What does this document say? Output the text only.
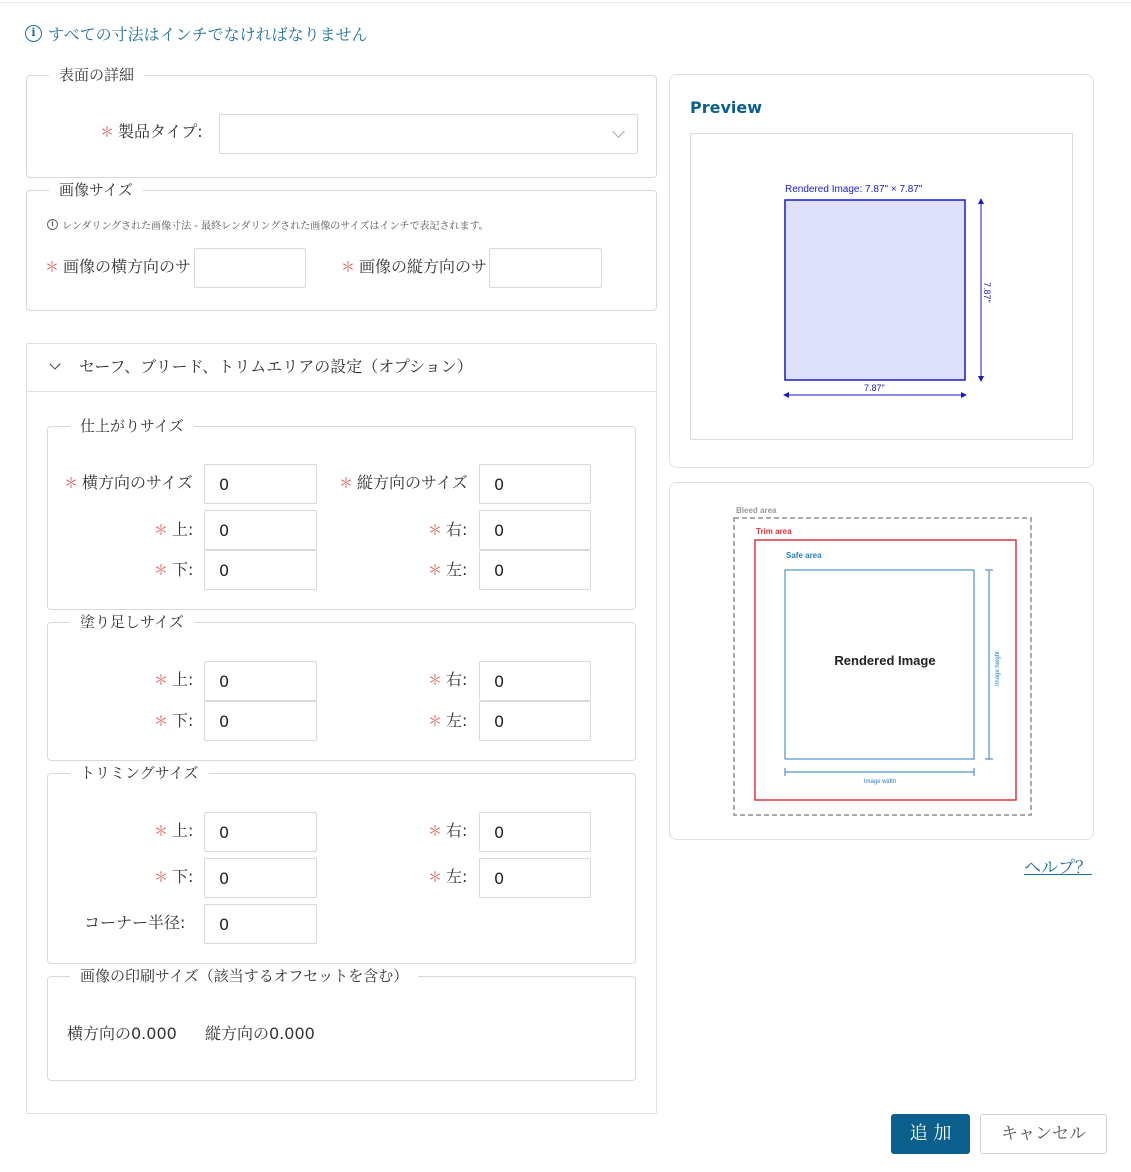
i すべての寸法はインチでなければなりません
表面の詳細
＊ 製品タイプ:
画像サイズ
i レンダリングされた画像寸法 - 最終レンダリングされた画像のサイズはインチで表記されます。
＊ 画像の横方向のサ	＊ 画像の縦方向のサ
セーフ、ブリード、トリムエリアの設定（オプション）
仕上がりサイズ
＊ 横方向のサイズ	0	＊ 縦方向のサイズ	0
＊ 上:	0	＊ 右:	0
＊ 下:	0	＊ 左:	0
塗り足しサイズ
＊ 上:	0	＊ 右:	0
＊ 下:	0	＊ 左:	0
トリミングサイズ
＊ 上:	0	＊ 右:	0
＊ 下:	0	＊ 左:	0
コーナー半径:	0
画像の印刷サイズ（該当するオフセットを含む）
横方向の0.000 縦方向の0.000
Preview
Rendered Image: 7.87" × 7.87"
7.87"
7.87"
Bleed area
Trim area
Safe area
Rendered Image	Image height
Image width
ヘルプ？
追 加	キャンセル
